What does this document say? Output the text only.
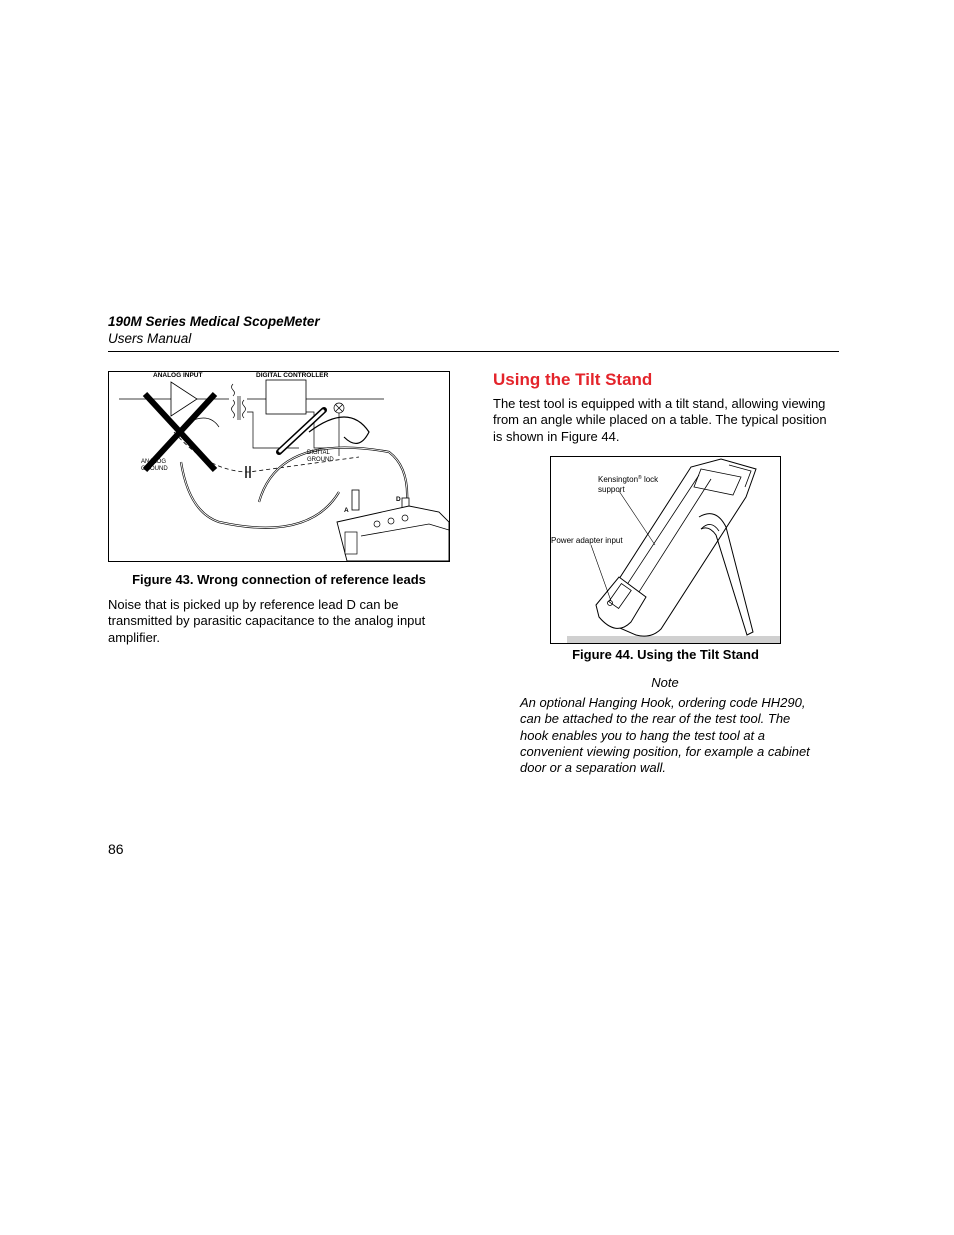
190M Series Medical ScopeMeter
Users Manual
ANALOG INPUT	DIGITAL CONTROLLER
ANALOG
GROUND
DIGITAL
GROUND
A
D
Figure 43. Wrong connection of reference leads
Noise that is picked up by reference lead D can be transmitted by parasitic capacitance to the analog input amplifier.
Using the Tilt Stand
The test tool is equipped with a tilt stand, allowing viewing from an angle while placed on a table. The typical position is shown in Figure 44.
Kensington® lock
support
Power adapter input
Figure 44. Using the Tilt Stand
Note
An optional Hanging Hook, ordering code HH290, can be attached to the rear of the test tool. The hook enables you to hang the test tool at a convenient viewing position, for example a cabinet door or a separation wall.
86
